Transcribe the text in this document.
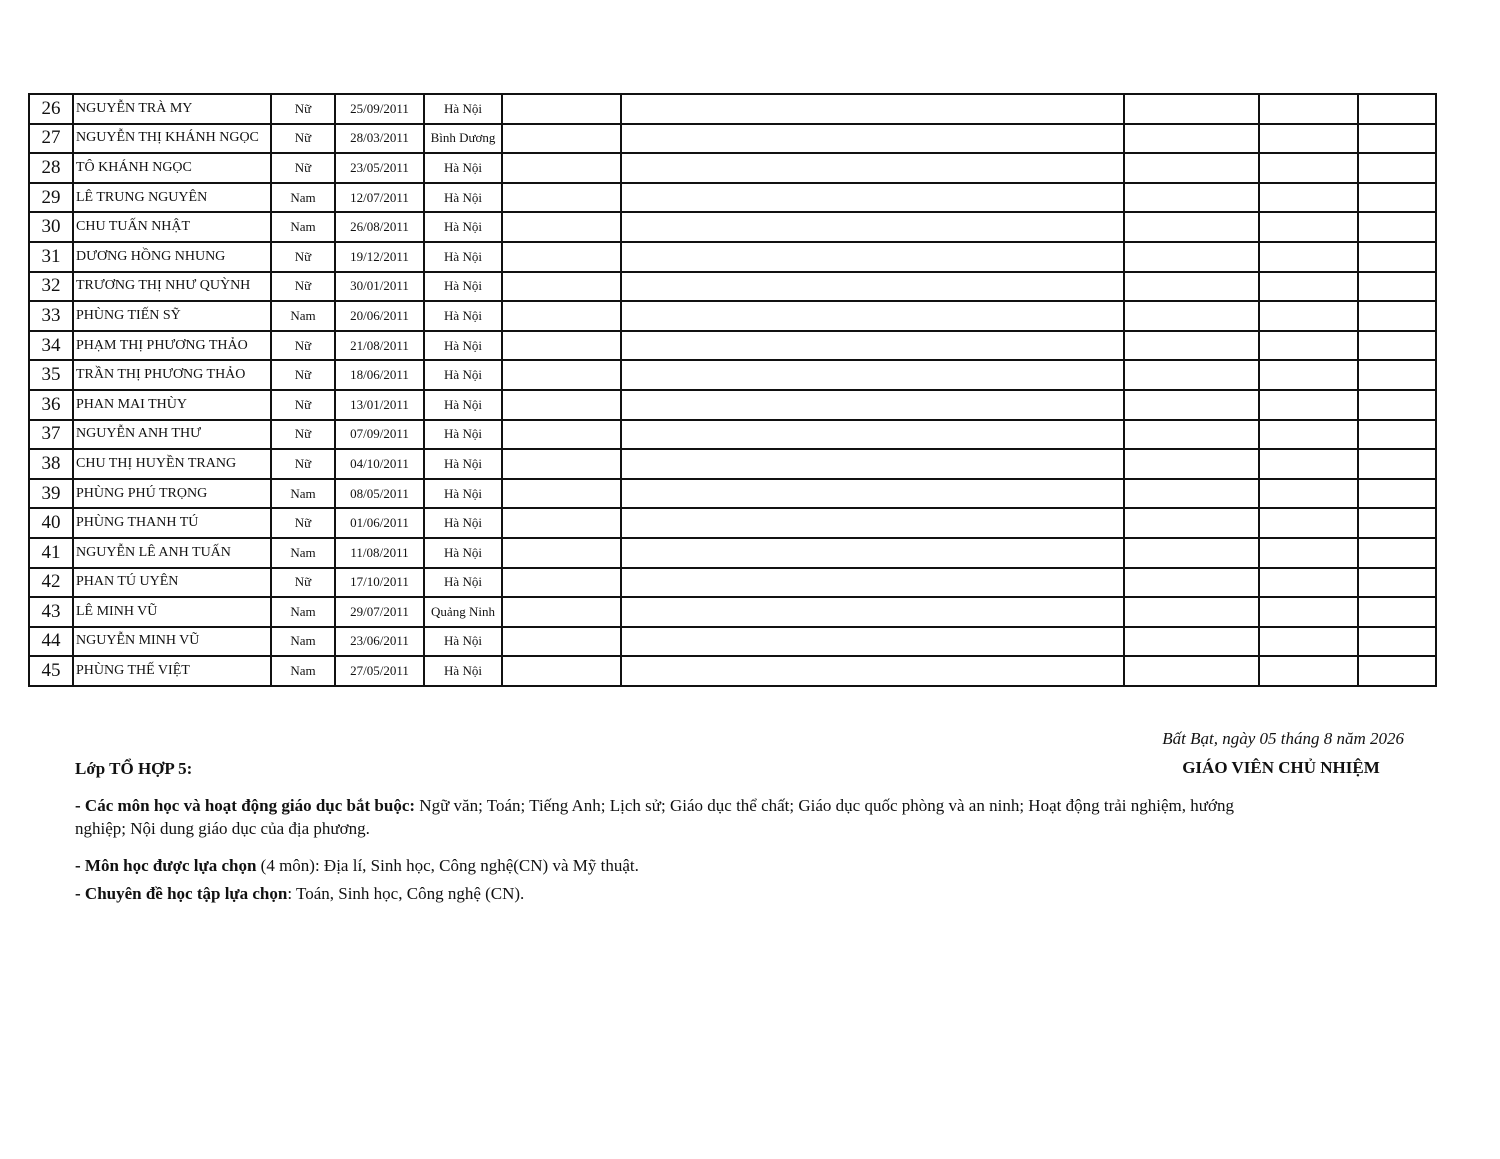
26	NGUYỄN TRÀ MY	Nữ	25/09/2011	Hà Nội					
27	NGUYỄN THỊ KHÁNH NGỌC	Nữ	28/03/2011	Bình Dương					
28	TÔ KHÁNH NGỌC	Nữ	23/05/2011	Hà Nội					
29	LÊ TRUNG NGUYÊN	Nam	12/07/2011	Hà Nội					
30	CHU TUẤN NHẬT	Nam	26/08/2011	Hà Nội					
31	DƯƠNG HỒNG NHUNG	Nữ	19/12/2011	Hà Nội					
32	TRƯƠNG THỊ NHƯ QUỲNH	Nữ	30/01/2011	Hà Nội					
33	PHÙNG TIẾN SỸ	Nam	20/06/2011	Hà Nội					
34	PHẠM THỊ PHƯƠNG THẢO	Nữ	21/08/2011	Hà Nội					
35	TRẦN THỊ PHƯƠNG THẢO	Nữ	18/06/2011	Hà Nội					
36	PHAN MAI THÙY	Nữ	13/01/2011	Hà Nội					
37	NGUYỄN ANH THƯ	Nữ	07/09/2011	Hà Nội					
38	CHU THỊ HUYỀN TRANG	Nữ	04/10/2011	Hà Nội					
39	PHÙNG PHÚ TRỌNG	Nam	08/05/2011	Hà Nội					
40	PHÙNG THANH TÚ	Nữ	01/06/2011	Hà Nội					
41	NGUYỄN LÊ ANH TUẤN	Nam	11/08/2011	Hà Nội					
42	PHAN TÚ UYÊN	Nữ	17/10/2011	Hà Nội					
43	LÊ MINH VŨ	Nam	29/07/2011	Quảng Ninh					
44	NGUYỄN MINH VŨ	Nam	23/06/2011	Hà Nội					
45	PHÙNG THẾ VIỆT	Nam	27/05/2011	Hà Nội					
Bất Bạt, ngày 05 tháng 8 năm 2026
Lớp TỔ HỢP 5:	GIÁO VIÊN CHỦ NHIỆM
- Các môn học và hoạt động giáo dục bắt buộc: Ngữ văn; Toán; Tiếng Anh; Lịch sử; Giáo dục thể chất; Giáo dục quốc phòng và an ninh; Hoạt động trải nghiệm, hướng nghiệp; Nội dung giáo dục của địa phương.
- Môn học được lựa chọn (4 môn): Địa lí, Sinh học, Công nghệ(CN) và Mỹ thuật.
- Chuyên đề học tập lựa chọn: Toán, Sinh học, Công nghệ (CN).
